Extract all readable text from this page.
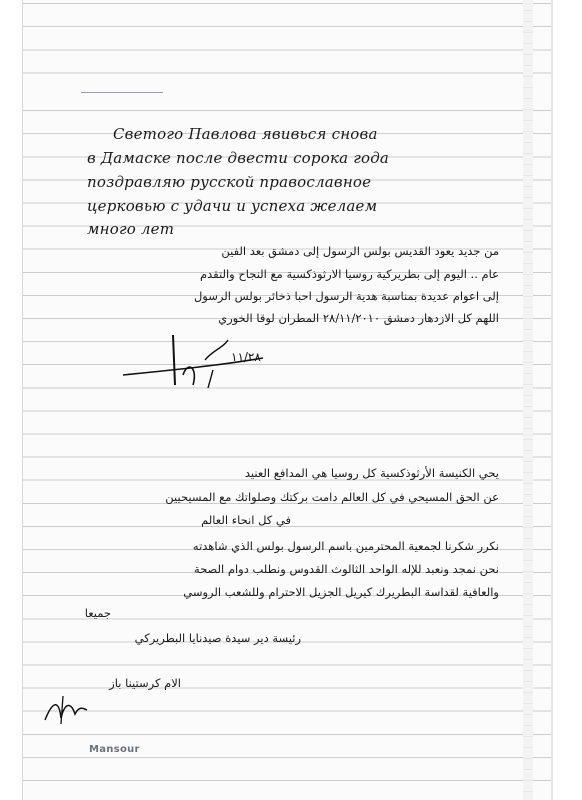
Светого Павлова явивься снова

в Дамаске после двести сорока года

поздравляю русской православное

церковью с удачи и успеха желаем

много лет

من جديد يعود القديس بولس الرسول إلى دمشق بعد الفين

عام .. اليوم إلى بطريركية روسيا الارثوذكسية مع النجاح والتقدم

إلى اعوام عديدة بمناسبة هدية الرسول احبا ذخائر بولس الرسول

اللهم كل الازدهار دمشق ٢٨/١١/٢٠١٠ المطران لوقا الخوري

١١/٢٨

يحي الكنيسة الأرثوذكسية كل روسيا هي المدافع العنيد

عن الحق المسيحي في كل العالم دامت بركتك وصلواتك مع المسيحيين

في كل انحاء العالم

نكرر شكرنا لجمعية المحترمين باسم الرسول بولس الذي شاهدته

نحن نمجد ونعبد للإله الواحد الثالوث القدوس ونطلب دوام الصحة

والعافية لقداسة البطريرك كيريل الجزيل الاحترام وللشعب الروسي

جميعا

رئيسة دير سيدة صيدنايا البطريركي

الام كرستينا باز

Mansour
